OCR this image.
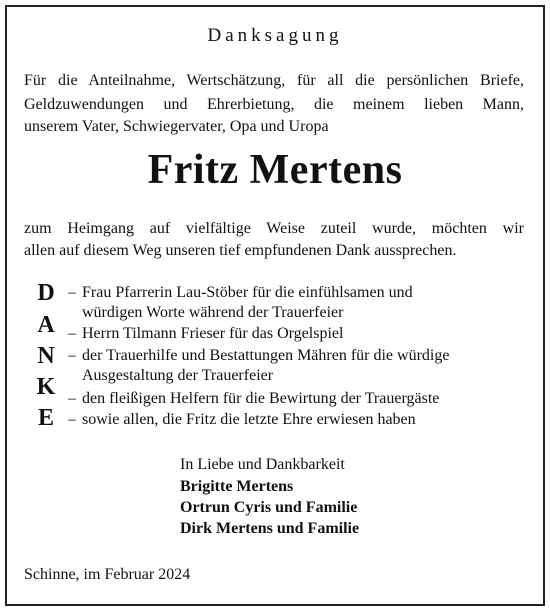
Danksagung

Für die Anteilnahme, Wertschätzung, für all die persönlichen Briefe,

Geldzuwendungen und Ehrerbietung, die meinem lieben Mann,

unserem Vater, Schwiegervater, Opa und Uropa

Fritz Mertens

zum Heimgang auf vielfältige Weise zuteil wurde, möchten wir

allen auf diesem Weg unseren tief empfundenen Dank aussprechen.

D
A
N
K
E
– Frau Pfarrerin Lau-Stöber für die einfühlsamen und
würdigen Worte während der Trauerfeier
– Herrn Tilmann Frieser für das Orgelspiel
– der Trauerhilfe und Bestattungen Mähren für die würdige
Ausgestaltung der Trauerfeier
– den fleißigen Helfern für die Bewirtung der Trauergäste
– sowie allen, die Fritz die letzte Ehre erwiesen haben
In Liebe und Dankbarkeit
Brigitte Mertens
Ortrun Cyris und Familie
Dirk Mertens und Familie

Schinne, im Februar 2024
